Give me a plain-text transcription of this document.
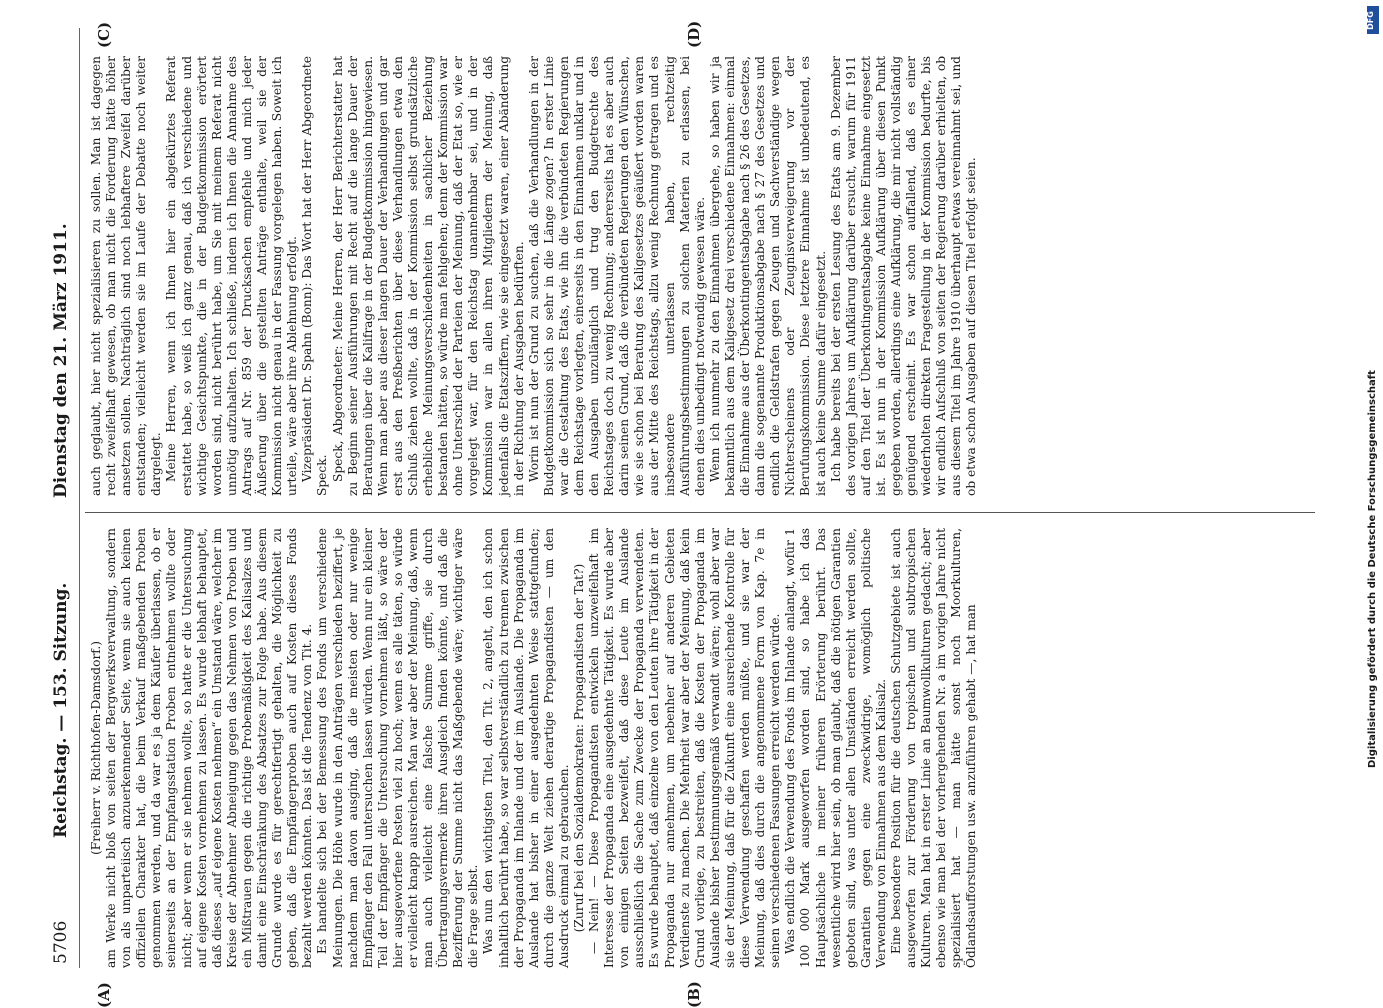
5706
Reichstag. — 153. Sitzung.
Dienstag den 21. März 1911.
(A)	(B)
(C)	(D)

(Freiherr v. Richthofen-Damsdorf.) am Werke nicht bloß von seiten der Bergwerksverwaltung, sondern von als unparteiisch anzuerkennender Seite, wenn sie auch keinen offiziellen Charakter hat, die beim Verkauf maßgebenden Proben genommen werden, und da war es ja dem Käufer überlassen, ob er seinerseits an der Empfangsstation Proben entnehmen wollte oder nicht; aber wenn er sie nehmen wollte, so hatte er die Untersuchung auf eigene Kosten vornehmen zu lassen. Es wurde lebhaft behauptet, daß dieses „auf eigene Kosten nehmen“ ein Umstand wäre, welcher im Kreise der Abnehmer Abneigung gegen das Nehmen von Proben und ein Mißtrauen gegen die richtige Probemäßigkeit des Kalisalzes und damit eine Einschränkung des Absatzes zur Folge habe. Aus diesem Grunde wurde es für gerechtfertigt gehalten, die Möglichkeit zu geben, daß die Empfängerproben auch auf Kosten dieses Fonds bezahlt werden könnten. Das ist die Tendenz von Tit. 4. Es handelte sich bei der Bemessung des Fonds um verschiedene Meinungen. Die Höhe wurde in den Anträgen verschieden beziffert, je nachdem man davon ausging, daß die meisten oder nur wenige Empfänger den Fall untersuchen lassen würden. Wenn nur ein kleiner Teil der Empfänger die Untersuchung vornehmen läßt, so wäre der hier ausgeworfene Posten viel zu hoch; wenn es alle täten, so würde er vielleicht knapp ausreichen. Man war aber der Meinung, daß, wenn man auch vielleicht eine falsche Summe griffe, sie durch Übertragungsvermerke ihren Ausgleich finden könnte, und daß die Bezifferung der Summe nicht das Maßgebende wäre; wichtiger wäre die Frage selbst. Was nun den wichtigsten Titel, den Tit. 2, angeht, den ich schon inhaltlich berührt habe, so war selbstverständlich zu trennen zwischen der Propaganda im Inlande und der im Auslande. Die Propaganda im Auslande hat bisher in einer ausgedehnten Weise stattgefunden; durch die ganze Welt ziehen derartige Propagandisten — um den Ausdruck einmal zu gebrauchen. (Zuruf bei den Sozialdemokraten: Propagandisten der Tat?) — Nein! — Diese Propagandisten entwickeln unzweifelhaft im Interesse der Propaganda eine ausgedehnte Tätigkeit. Es wurde aber von einigen Seiten bezweifelt, daß diese Leute im Auslande ausschließlich die Sache zum Zwecke der Propaganda verwendeten. Es wurde behauptet, daß einzelne von den Leuten ihre Tätigkeit in der Propaganda nur annehmen, um nebenher auf anderen Gebieten Verdienste zu machen. Die Mehrheit war aber der Meinung, daß kein Grund vorliege, zu bestreiten, daß die Kosten der Propaganda im Auslande bisher bestimmungsgemäß verwandt wären; wohl aber war sie der Meinung, daß für die Zukunft eine ausreichende Kontrolle für diese Verwendung geschaffen werden müßte, und sie war der Meinung, daß dies durch die angenommene Form von Kap. 7e in seinen verschiedenen Fassungen erreicht werden würde. Was endlich die Verwendung des Fonds im Inlande anlangt, wofür 1 100 000 Mark ausgeworfen worden sind, so habe ich das Hauptsächliche in meiner früheren Erörterung berührt. Das wesentliche wird hier sein, ob man glaubt, daß die nötigen Garantien geboten sind, was unter allen Umständen erreicht werden sollte, Garantien gegen eine zweckwidrige, womöglich politische Verwendung von Einnahmen aus dem Kalisalz. Eine besondere Position für die deutschen Schutzgebiete ist auch ausgeworfen zur Förderung von tropischen und subtropischen Kulturen. Man hat in erster Linie an Baumwollkulturen gedacht; aber ebenso wie man bei der vorhergehenden Nr. a im vorigen Jahre nicht spezialisiert hat — man hätte sonst noch Moorkulturen, Ödlandsaufforstungen usw. anzuführen gehabt —, hat man

auch geglaubt, hier nicht spezialisieren zu sollen. Man ist dagegen recht zweifelhaft gewesen, ob man nicht die Forderung hätte höher ansetzen sollen. Nachträglich sind noch lebhaftere Zweifel darüber entstanden; vielleicht werden sie im Laufe der Debatte noch weiter dargelegt. Meine Herren, wenn ich Ihnen hier ein abgekürztes Referat erstattet habe, so weiß ich ganz genau, daß ich verschiedene und wichtige Gesichtspunkte, die in der Budgetkommission erörtert worden sind, nicht berührt habe, um Sie mit meinem Referat nicht unnötig aufzuhalten. Ich schließe, indem ich Ihnen die Annahme des Antrags auf Nr. 859 der Drucksachen empfehle und mich jeder Äußerung über die gestellten Anträge enthalte, weil sie der Kommission nicht genau in der Fassung vorgelegen haben. Soweit ich urteile, wäre aber ihre Ablehnung erfolgt. Vizepräsident Dr. Spahn (Bonn): Das Wort hat der Herr Abgeordnete Speck. Speck, Abgeordneter: Meine Herren, der Herr Berichterstatter hat zu Beginn seiner Ausführungen mit Recht auf die lange Dauer der Beratungen über die Kalifrage in der Budgetkommission hingewiesen. Wenn man aber aus dieser langen Dauer der Verhandlungen und gar erst aus den Preßberichten über diese Verhandlungen etwa den Schluß ziehen wollte, daß in der Kommission selbst grundsätzliche erhebliche Meinungsverschiedenheiten in sachlicher Beziehung bestanden hätten, so würde man fehlgehen; denn der Kommission war ohne Unterschied der Parteien der Meinung, daß der Etat so, wie er vorgelegt war, für den Reichstag unannehmbar sei, und in der Kommission war in allen ihren Mitgliedern der Meinung, daß jedenfalls die Etatsziffern, wie sie eingesetzt waren, einer Abänderung in der Richtung der Ausgaben bedürften. Worin ist nun der Grund zu suchen, daß die Verhandlungen in der Budgetkommission sich so sehr in die Länge zogen? In erster Linie war die Gestaltung des Etats, wie ihn die verbündeten Regierungen dem Reichstage vorlegten, einerseits in den Einnahmen unklar und in den Ausgaben unzulänglich und trug den Budgetrechte des Reichstages doch zu wenig Rechnung; andererseits hat es aber auch darin seinen Grund, daß die verbündeten Regierungen den Wünschen, wie sie schon bei Beratung des Kaligesetzes geäußert worden waren aus der Mitte des Reichstags, allzu wenig Rechnung getragen und es insbesondere unterlassen haben, rechtzeitig Ausführungsbestimmungen zu solchen Materien zu erlassen, bei denen dies unbedingt notwendig gewesen wäre. Wenn ich nunmehr zu den Einnahmen übergehe, so haben wir ja bekanntlich aus dem Kaligesetz drei verschiedene Einnahmen: einmal die Einnahme aus der Überkontingentsabgabe nach § 26 des Gesetzes, dann die sogenannte Produktionsabgabe nach § 27 des Gesetzes und endlich die Geldstrafen gegen Zeugen und Sachverständige wegen Nichterscheinens oder Zeugnisverweigerung vor der Berufungskommission. Diese letztere Einnahme ist unbedeutend, es ist auch keine Summe dafür eingesetzt. Ich habe bereits bei der ersten Lesung des Etats am 9. Dezember des vorigen Jahres um Aufklärung darüber ersucht, warum für 1911 auf den Titel der Überkontingentsabgabe keine Einnahme eingesetzt ist. Es ist nun in der Kommission Aufklärung über diesen Punkt gegeben worden, allerdings eine Aufklärung, die mir nicht vollständig genügend erscheint. Es war schon auffallend, daß es einer wiederholten direkten Fragestellung in der Kommission bedurfte, bis wir endlich Aufschluß von seiten der Regierung darüber erhielten, ob aus diesem Titel im Jahre 1910 überhaupt etwas vereinnahmt sei, und ob etwa schon Ausgaben auf diesen Titel erfolgt seien.

DFG
Digitalisierung gefördert durch die Deutsche Forschungsgemeinschaft
